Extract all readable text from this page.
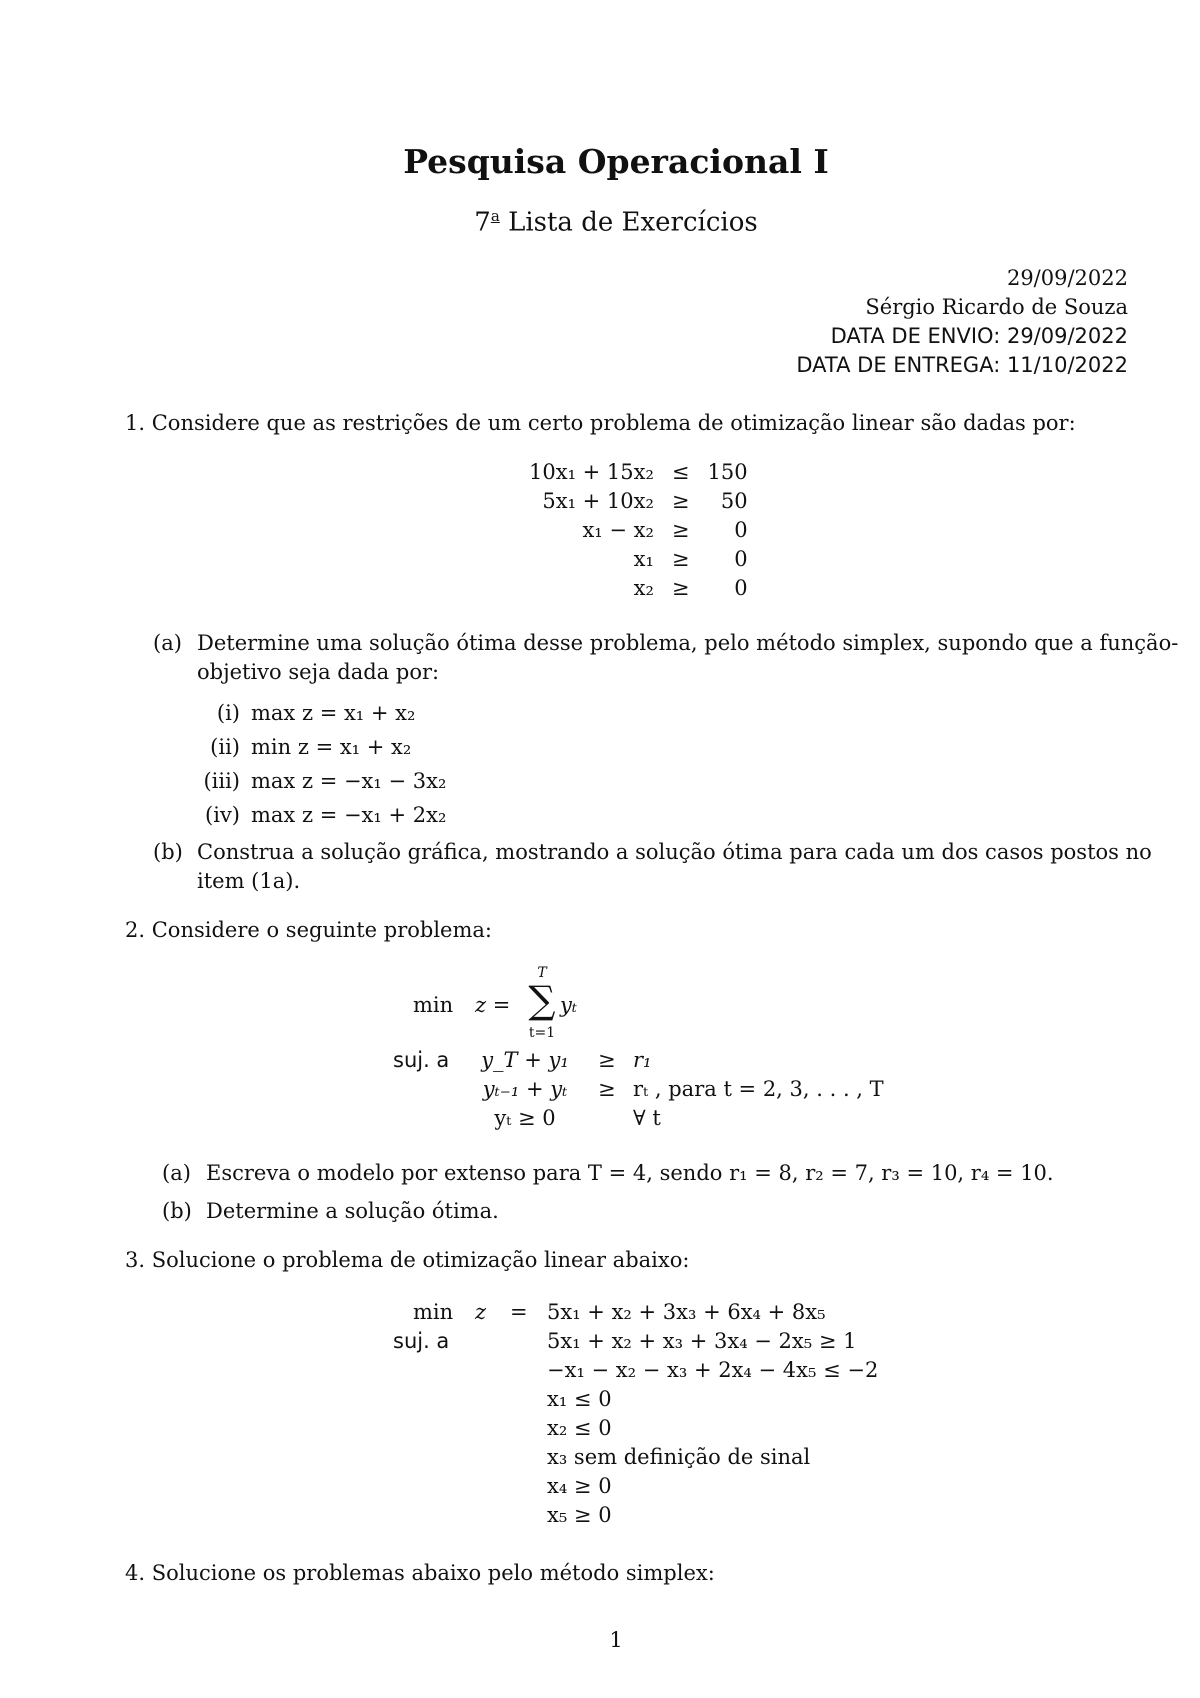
Pesquisa Operacional I
7$^a$ Lista de Exercícios
29/09/2022
Sérgio Ricardo de Souza
DATA DE ENVIO: 29/09/2022
DATA DE ENTREGA: 11/10/2022
1. Considere que as restrições de um certo problema de otimização linear são dadas por:
10x₁ + 15x₂	≤	150
5x₁ + 10x₂	≥	50
x₁ − x₂	≥	0
x₁	≥	0
x₂	≥	0
(a) Determine uma solução ótima desse problema, pelo método simplex, supondo que a função-
objetivo seja dada por:
(i) max z = x₁ + x₂
(ii) min z = x₁ + x₂
(iii) max z = −x₁ − 3x₂
(iv) max z = −x₁ + 2x₂
(b) Construa a solução gráfica, mostrando a solução ótima para cada um dos casos postos no
item (1a).
2. Considere o seguinte problema:
min z =
T
∑
t=1
yₜ
suj. a y_T + y₁ ≥ r₁
yₜ₋₁ + yₜ	≥ rₜ , para t = 2, 3, . . . , T
yₜ ≥ 0	∀ t
(a) Escreva o modelo por extenso para T = 4, sendo r₁ = 8, r₂ = 7, r₃ = 10, r₄ = 10.
(b) Determine a solução ótima.
3. Solucione o problema de otimização linear abaixo:
min z = 5x₁ + x₂ + 3x₃ + 6x₄ + 8x₅
suj. a	5x₁ + x₂ + x₃ + 3x₄ − 2x₅ ≥ 1
−x₁ − x₂ − x₃ + 2x₄ − 4x₅ ≤ −2
x₁ ≤ 0
x₂ ≤ 0
x₃ sem definição de sinal
x₄ ≥ 0
x₅ ≥ 0
4. Solucione os problemas abaixo pelo método simplex:
1
